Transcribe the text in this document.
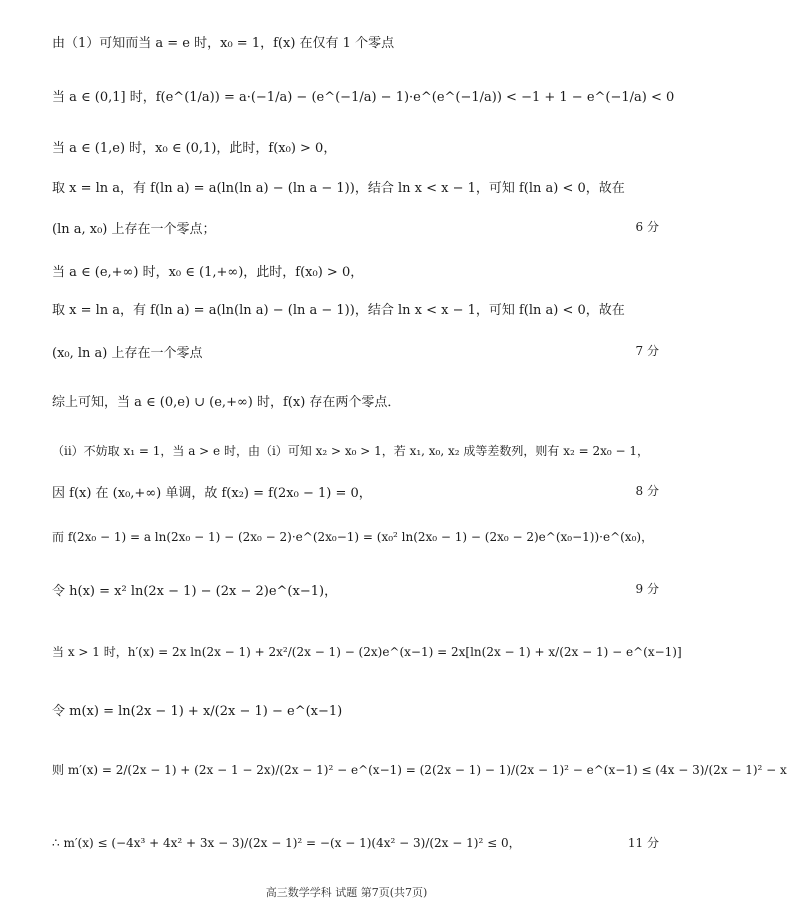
由（1）可知而当 a = e 时，x₀ = 1，f(x) 在仅有 1 个零点
当 a ∈ (0,1] 时，f(e^(1/a)) = a·(−1/a) − (e^(−1/a) − 1)·e^(e^(−1/a)) < −1 + 1 − e^(−1/a) < 0
当 a ∈ (1,e) 时，x₀ ∈ (0,1)，此时，f(x₀) > 0，
取 x = ln a，有 f(ln a) = a(ln(ln a) − (ln a − 1))，结合 ln x < x − 1，可知 f(ln a) < 0，故在
(ln a, x₀) 上存在一个零点；	6 分
当 a ∈ (e,+∞) 时，x₀ ∈ (1,+∞)，此时，f(x₀) > 0，
取 x = ln a，有 f(ln a) = a(ln(ln a) − (ln a − 1))，结合 ln x < x − 1，可知 f(ln a) < 0，故在
(x₀, ln a) 上存在一个零点	7 分
综上可知，当 a ∈ (0,e) ∪ (e,+∞) 时，f(x) 存在两个零点．
（ii）不妨取 x₁ = 1，当 a > e 时，由（i）可知 x₂ > x₀ > 1，若 x₁, x₀, x₂ 成等差数列，则有 x₂ = 2x₀ − 1，
因 f(x) 在 (x₀,+∞) 单调，故 f(x₂) = f(2x₀ − 1) = 0，	8 分
而 f(2x₀ − 1) = a ln(2x₀ − 1) − (2x₀ − 2)·e^(2x₀−1) = (x₀² ln(2x₀ − 1) − (2x₀ − 2)e^(x₀−1))·e^(x₀)，
令 h(x) = x² ln(2x − 1) − (2x − 2)e^(x−1)，	9 分
当 x > 1 时，h′(x) = 2x ln(2x − 1) + 2x²/(2x − 1) − (2x)e^(x−1) = 2x[ln(2x − 1) + x/(2x − 1) − e^(x−1)]
令 m(x) = ln(2x − 1) + x/(2x − 1) − e^(x−1)
则 m′(x) = 2/(2x − 1) + (2x − 1 − 2x)/(2x − 1)² − e^(x−1) = (2(2x − 1) − 1)/(2x − 1)² − e^(x−1) ≤ (4x − 3)/(2x − 1)² − x
∴ m′(x) ≤ (−4x³ + 4x² + 3x − 3)/(2x − 1)² = −(x − 1)(4x² − 3)/(2x − 1)² ≤ 0，	11 分
高三数学学科 试题 第7页(共7页)
